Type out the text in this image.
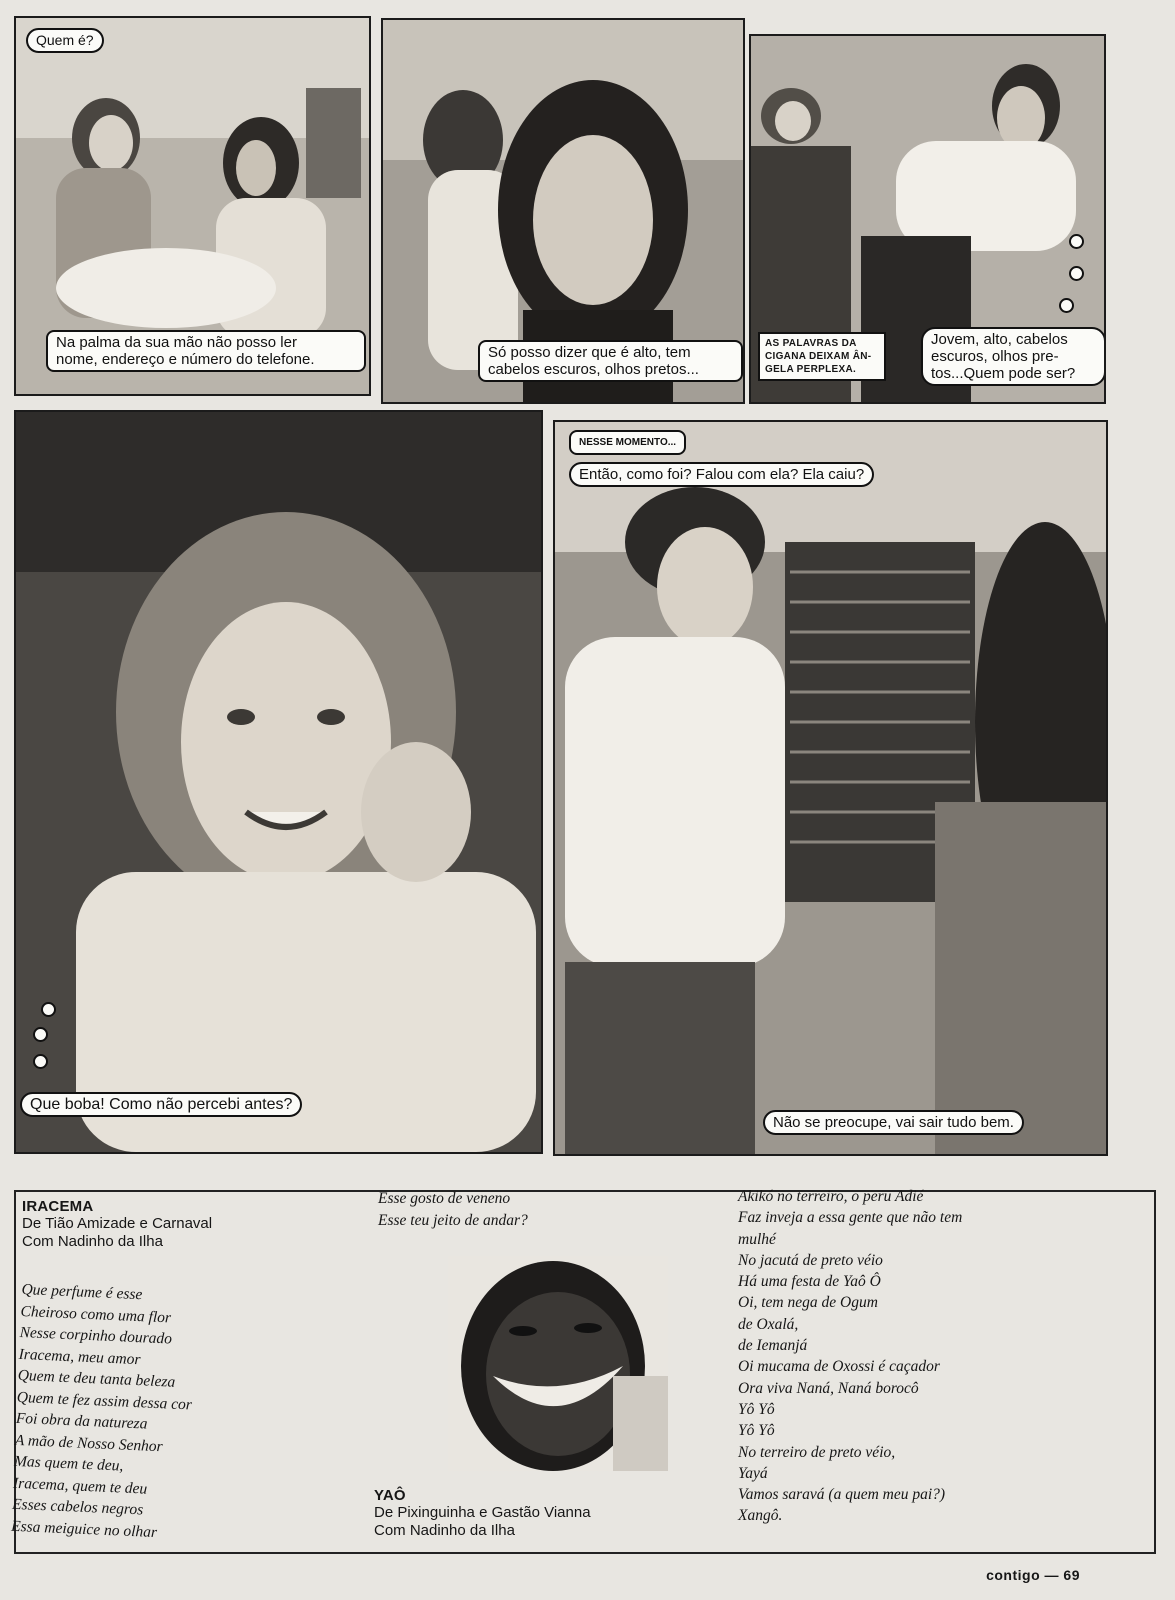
Quem é?
Na palma da sua mão não posso ler
nome, endereço e número do telefone.	Só posso dizer que é alto, tem
cabelos escuros, olhos pretos...
AS PALAVRAS DA
CIGANA DEIXAM ÂN-
GELA PERPLEXA.
Jovem, alto, cabelos
escuros, olhos pre-
tos...Quem pode ser?
Que boba! Como não percebi antes?
NESSE MOMENTO...
Então, como foi? Falou com ela? Ela caiu?
Não se preocupe, vai sair tudo bem.
IRACEMA
De Tião Amizade e Carnaval
Com Nadinho da Ilha
Que perfume é esse
Cheiroso como uma flor
Nesse corpinho dourado
Iracema, meu amor
Quem te deu tanta beleza
Quem te fez assim dessa cor
Foi obra da natureza
A mão de Nosso Senhor
Mas quem te deu,
Iracema, quem te deu
Esses cabelos negros
Essa meiguice no olhar
Esse gosto de veneno
Esse teu jeito de andar?
YAÔ
De Pixinguinha e Gastão Vianna
Com Nadinho da Ilha
Akikó no terreiro, o peru Adié
Faz inveja a essa gente que não tem
mulhé
No jacutá de preto véio
Há uma festa de Yaô Ô
Oi, tem nega de Ogum
de Oxalá,
de Iemanjá
Oi mucama de Oxossi é caçador
Ora viva Naná, Naná borocô
Yô Yô
Yô Yô
No terreiro de preto véio,
Yayá
Vamos saravá (a quem meu pai?)
Xangô.
contigo — 69
